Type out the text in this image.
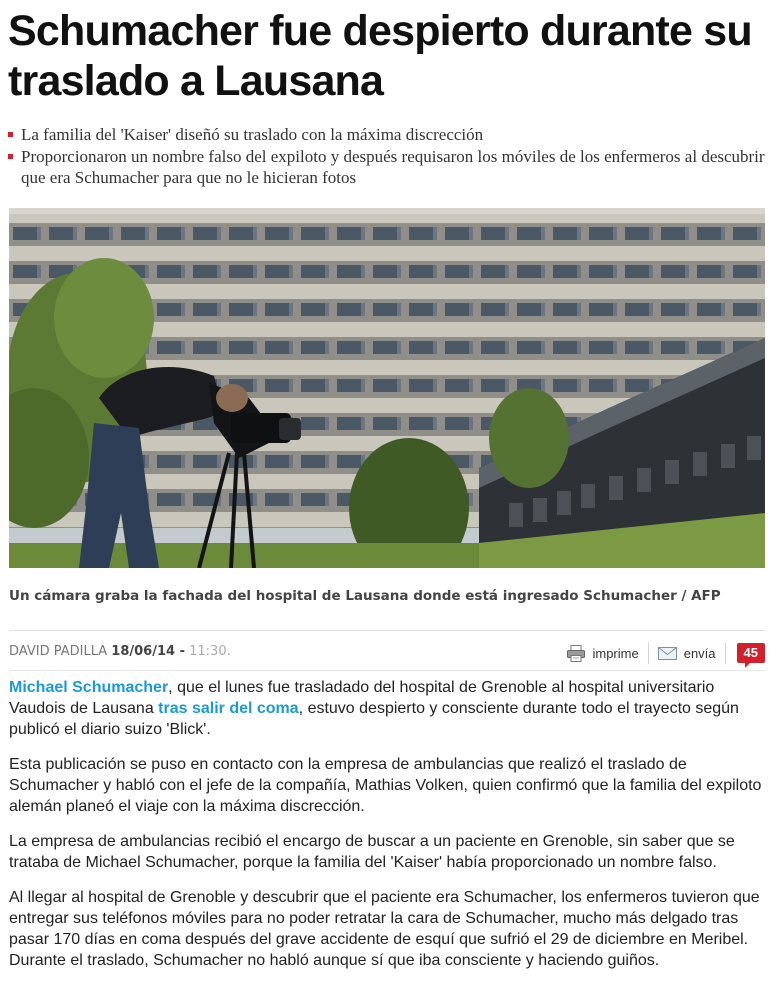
Schumacher fue despierto durante su traslado a Lausana
La familia del 'Kaiser' diseñó su traslado con la máxima discrección
Proporcionaron un nombre falso del expiloto y después requisaron los móviles de los enfermeros al descubrir que era Schumacher para que no le hicieran fotos
Un cámara graba la fachada del hospital de Lausana donde está ingresado Schumacher / AFP
DAVID PADILLA 18/06/14 - 11:30.	imprime	envía	45

Michael Schumacher, que el lunes fue trasladado del hospital de Grenoble al hospital universitario Vaudois de Lausana tras salir del coma, estuvo despierto y consciente durante todo el trayecto según publicó el diario suizo 'Blick'.

Esta publicación se puso en contacto con la empresa de ambulancias que realizó el traslado de Schumacher y habló con el jefe de la compañía, Mathias Volken, quien confirmó que la familia del expiloto alemán planeó el viaje con la máxima discrección.

La empresa de ambulancias recibió el encargo de buscar a un paciente en Grenoble, sin saber que se trataba de Michael Schumacher, porque la familia del 'Kaiser' había proporcionado un nombre falso.

Al llegar al hospital de Grenoble y descubrir que el paciente era Schumacher, los enfermeros tuvieron que entregar sus teléfonos móviles para no poder retratar la cara de Schumacher, mucho más delgado tras pasar 170 días en coma después del grave accidente de esquí que sufrió el 29 de diciembre en Meribel. Durante el traslado, Schumacher no habló aunque sí que iba consciente y haciendo guiños.
